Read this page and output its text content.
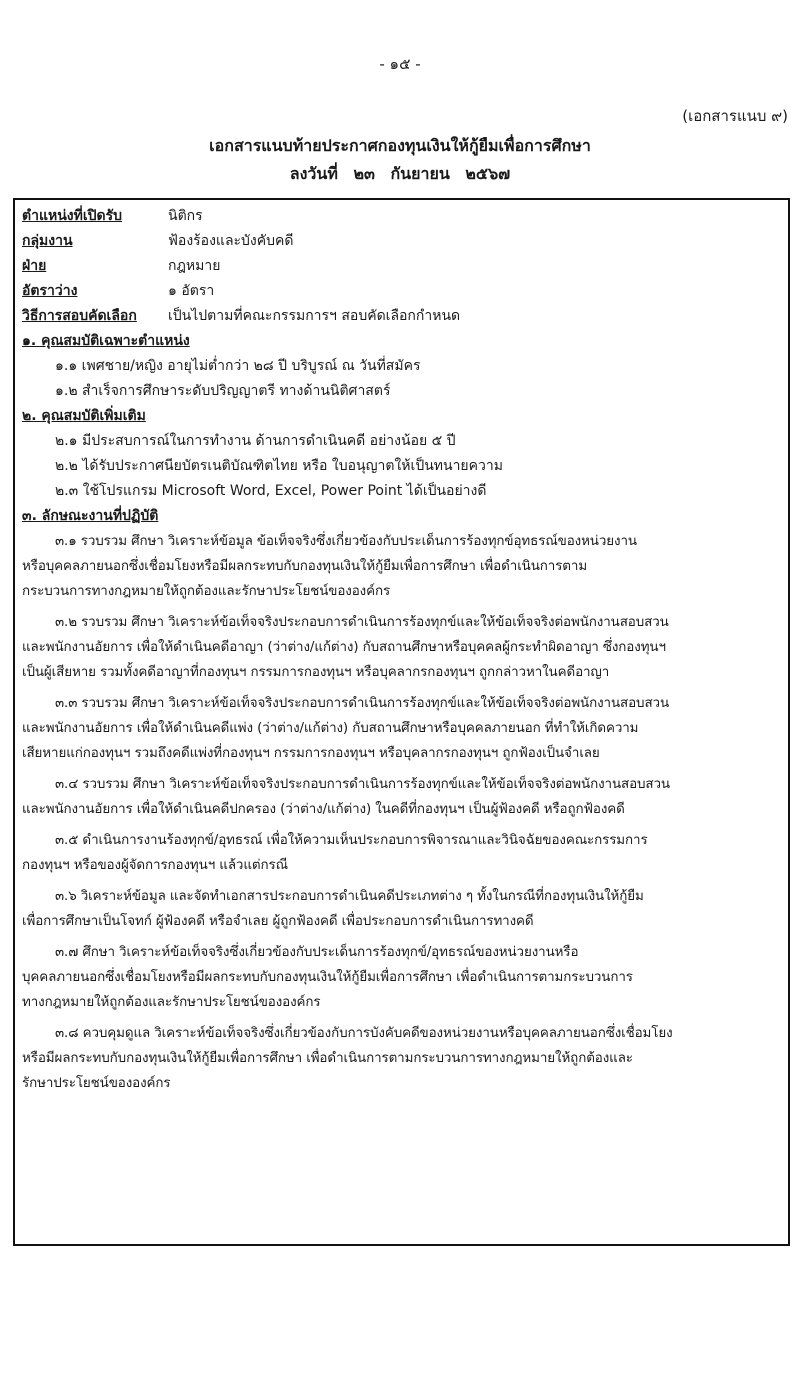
- ๑๕ -
(เอกสารแนบ ๙)
เอกสารแนบท้ายประกาศกองทุนเงินให้กู้ยืมเพื่อการศึกษา
ลงวันที่ ๒๓ กันยายน ๒๕๖๗
ตำแหน่งที่เปิดรับ	นิติกร
กลุ่มงาน	ฟ้องร้องและบังคับคดี
ฝ่าย	กฎหมาย
อัตราว่าง	๑ อัตรา
วิธีการสอบคัดเลือก	เป็นไปตามที่คณะกรรมการฯ สอบคัดเลือกกำหนด
๑. คุณสมบัติเฉพาะตำแหน่ง
๑.๑ เพศชาย/หญิง อายุไม่ต่ำกว่า ๒๘ ปี บริบูรณ์ ณ วันที่สมัคร
๑.๒ สำเร็จการศึกษาระดับปริญญาตรี ทางด้านนิติศาสตร์
๒. คุณสมบัติเพิ่มเติม
๒.๑ มีประสบการณ์ในการทำงาน ด้านการดำเนินคดี อย่างน้อย ๕ ปี
๒.๒ ได้รับประกาศนียบัตรเนติบัณฑิตไทย หรือ ใบอนุญาตให้เป็นทนายความ
๒.๓ ใช้โปรแกรม Microsoft Word, Excel, Power Point ได้เป็นอย่างดี
๓. ลักษณะงานที่ปฏิบัติ
๓.๑ รวบรวม ศึกษา วิเคราะห์ข้อมูล ข้อเท็จจริงซึ่งเกี่ยวข้องกับประเด็นการร้องทุกข์อุทธรณ์ของหน่วยงาน
หรือบุคคลภายนอกซึ่งเชื่อมโยงหรือมีผลกระทบกับกองทุนเงินให้กู้ยืมเพื่อการศึกษา เพื่อดำเนินการตาม
กระบวนการทางกฎหมายให้ถูกต้องและรักษาประโยชน์ขององค์กร
๓.๒ รวบรวม ศึกษา วิเคราะห์ข้อเท็จจริงประกอบการดำเนินการร้องทุกข์และให้ข้อเท็จจริงต่อพนักงานสอบสวน
และพนักงานอัยการ เพื่อให้ดำเนินคดีอาญา (ว่าต่าง/แก้ต่าง) กับสถานศึกษาหรือบุคคลผู้กระทำผิดอาญา ซึ่งกองทุนฯ
เป็นผู้เสียหาย รวมทั้งคดีอาญาที่กองทุนฯ กรรมการกองทุนฯ หรือบุคลากรกองทุนฯ ถูกกล่าวหาในคดีอาญา
๓.๓ รวบรวม ศึกษา วิเคราะห์ข้อเท็จจริงประกอบการดำเนินการร้องทุกข์และให้ข้อเท็จจริงต่อพนักงานสอบสวน
และพนักงานอัยการ เพื่อให้ดำเนินคดีแพ่ง (ว่าต่าง/แก้ต่าง) กับสถานศึกษาหรือบุคคลภายนอก ที่ทำให้เกิดความ
เสียหายแก่กองทุนฯ รวมถึงคดีแพ่งที่กองทุนฯ กรรมการกองทุนฯ หรือบุคลากรกองทุนฯ ถูกฟ้องเป็นจำเลย
๓.๔ รวบรวม ศึกษา วิเคราะห์ข้อเท็จจริงประกอบการดำเนินการร้องทุกข์และให้ข้อเท็จจริงต่อพนักงานสอบสวน
และพนักงานอัยการ เพื่อให้ดำเนินคดีปกครอง (ว่าต่าง/แก้ต่าง) ในคดีที่กองทุนฯ เป็นผู้ฟ้องคดี หรือถูกฟ้องคดี
๓.๕ ดำเนินการงานร้องทุกข์/อุทธรณ์ เพื่อให้ความเห็นประกอบการพิจารณาและวินิจฉัยของคณะกรรมการ
กองทุนฯ หรือของผู้จัดการกองทุนฯ แล้วแต่กรณี
๓.๖ วิเคราะห์ข้อมูล และจัดทำเอกสารประกอบการดำเนินคดีประเภทต่าง ๆ ทั้งในกรณีที่กองทุนเงินให้กู้ยืม
เพื่อการศึกษาเป็นโจทก์ ผู้ฟ้องคดี หรือจำเลย ผู้ถูกฟ้องคดี เพื่อประกอบการดำเนินการทางคดี
๓.๗ ศึกษา วิเคราะห์ข้อเท็จจริงซึ่งเกี่ยวข้องกับประเด็นการร้องทุกข์/อุทธรณ์ของหน่วยงานหรือ
บุคคลภายนอกซึ่งเชื่อมโยงหรือมีผลกระทบกับกองทุนเงินให้กู้ยืมเพื่อการศึกษา เพื่อดำเนินการตามกระบวนการ
ทางกฎหมายให้ถูกต้องและรักษาประโยชน์ขององค์กร
๓.๘ ควบคุมดูแล วิเคราะห์ข้อเท็จจริงซึ่งเกี่ยวข้องกับการบังคับคดีของหน่วยงานหรือบุคคลภายนอกซึ่งเชื่อมโยง
หรือมีผลกระทบกับกองทุนเงินให้กู้ยืมเพื่อการศึกษา เพื่อดำเนินการตามกระบวนการทางกฎหมายให้ถูกต้องและ
รักษาประโยชน์ขององค์กร
